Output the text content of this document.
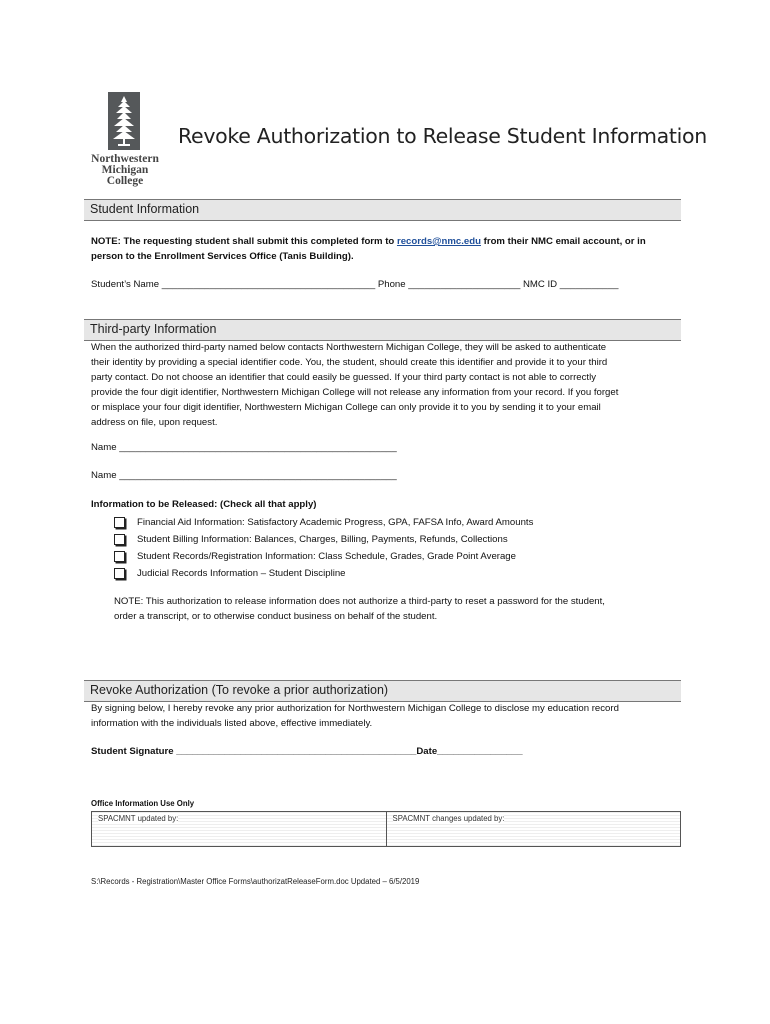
Northwestern
Michigan
College
Revoke Authorization to Release Student Information
Student Information
NOTE: The requesting student shall submit this completed form to records@nmc.edu from their NMC email account, or in
person to the Enrollment Services Office (Tanis Building).
Student’s Name ________________________________________ Phone _____________________ NMC ID ___________
Third-party Information
When the authorized third-party named below contacts Northwestern Michigan College, they will be asked to authenticate
their identity by providing a special identifier code. You, the student, should create this identifier and provide it to your third
party contact. Do not choose an identifier that could easily be guessed. If your third party contact is not able to correctly
provide the four digit identifier, Northwestern Michigan College will not release any information from your record. If you forget
or misplace your four digit identifier, Northwestern Michigan College can only provide it to you by sending it to your email
address on file, upon request.
Name ____________________________________________________
Name ____________________________________________________
Information to be Released: (Check all that apply)
Financial Aid Information: Satisfactory Academic Progress, GPA, FAFSA Info, Award Amounts
Student Billing Information: Balances, Charges, Billing, Payments, Refunds, Collections
Student Records/Registration Information: Class Schedule, Grades, Grade Point Average
Judicial Records Information – Student Discipline
NOTE: This authorization to release information does not authorize a third-party to reset a password for the student,
order a transcript, or to otherwise conduct business on behalf of the student.
Revoke Authorization (To revoke a prior authorization)
By signing below, I hereby revoke any prior authorization for Northwestern Michigan College to disclose my education record
information with the individuals listed above, effective immediately.
Student Signature _____________________________________________Date________________
Office Information Use Only
SPACMNT updated by:	SPACMNT changes updated by:
S:\Records - Registration\Master Office Forms\authorizatReleaseForm.doc Updated – 6/5/2019
